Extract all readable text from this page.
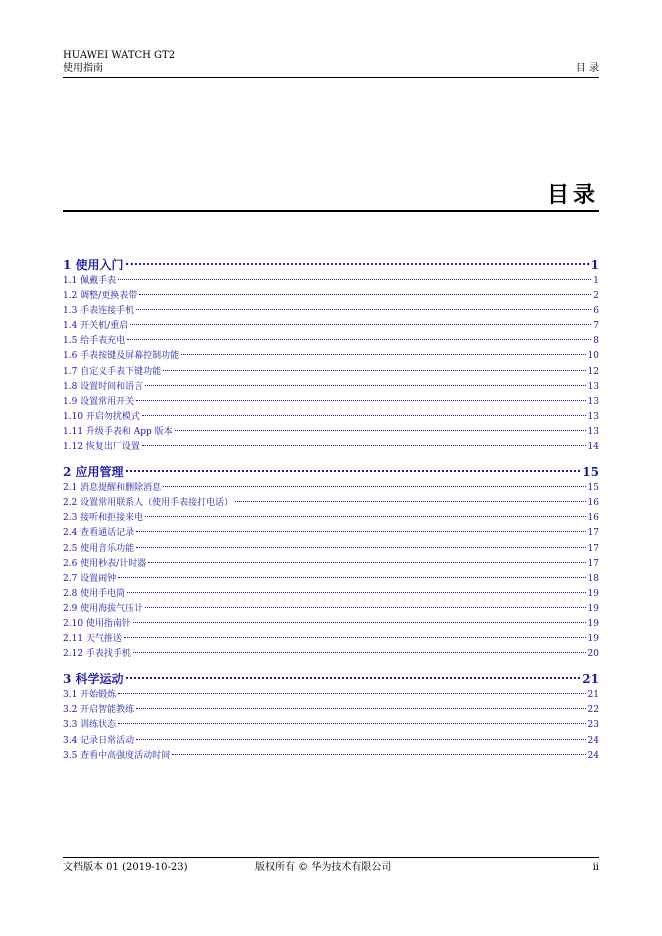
HUAWEI WATCH GT2
使用指南	目 录
目录
1 使用入门	1
1.1 佩戴手表	1
1.2 调整/更换表带	2
1.3 手表连接手机	6
1.4 开关机/重启	7
1.5 给手表充电	8
1.6 手表按键及屏幕控制功能	10
1.7 自定义手表下键功能	12
1.8 设置时间和语言	13
1.9 设置常用开关	13
1.10 开启勿扰模式	13
1.11 升级手表和 App 版本	13
1.12 恢复出厂设置	14
2 应用管理	15
2.1 消息提醒和删除消息	15
2.2 设置常用联系人（使用手表接打电话）	16
2.3 接听和拒接来电	16
2.4 查看通话记录	17
2.5 使用音乐功能	17
2.6 使用秒表/计时器	17
2.7 设置闹钟	18
2.8 使用手电筒	19
2.9 使用海拔气压计	19
2.10 使用指南针	19
2.11 天气推送	19
2.12 手表找手机	20
3 科学运动	21
3.1 开始锻炼	21
3.2 开启智能教练	22
3.3 训练状态	23
3.4 记录日常活动	24
3.5 查看中高强度活动时间	24
文档版本 01 (2019-10-23)	版权所有 © 华为技术有限公司	ii
